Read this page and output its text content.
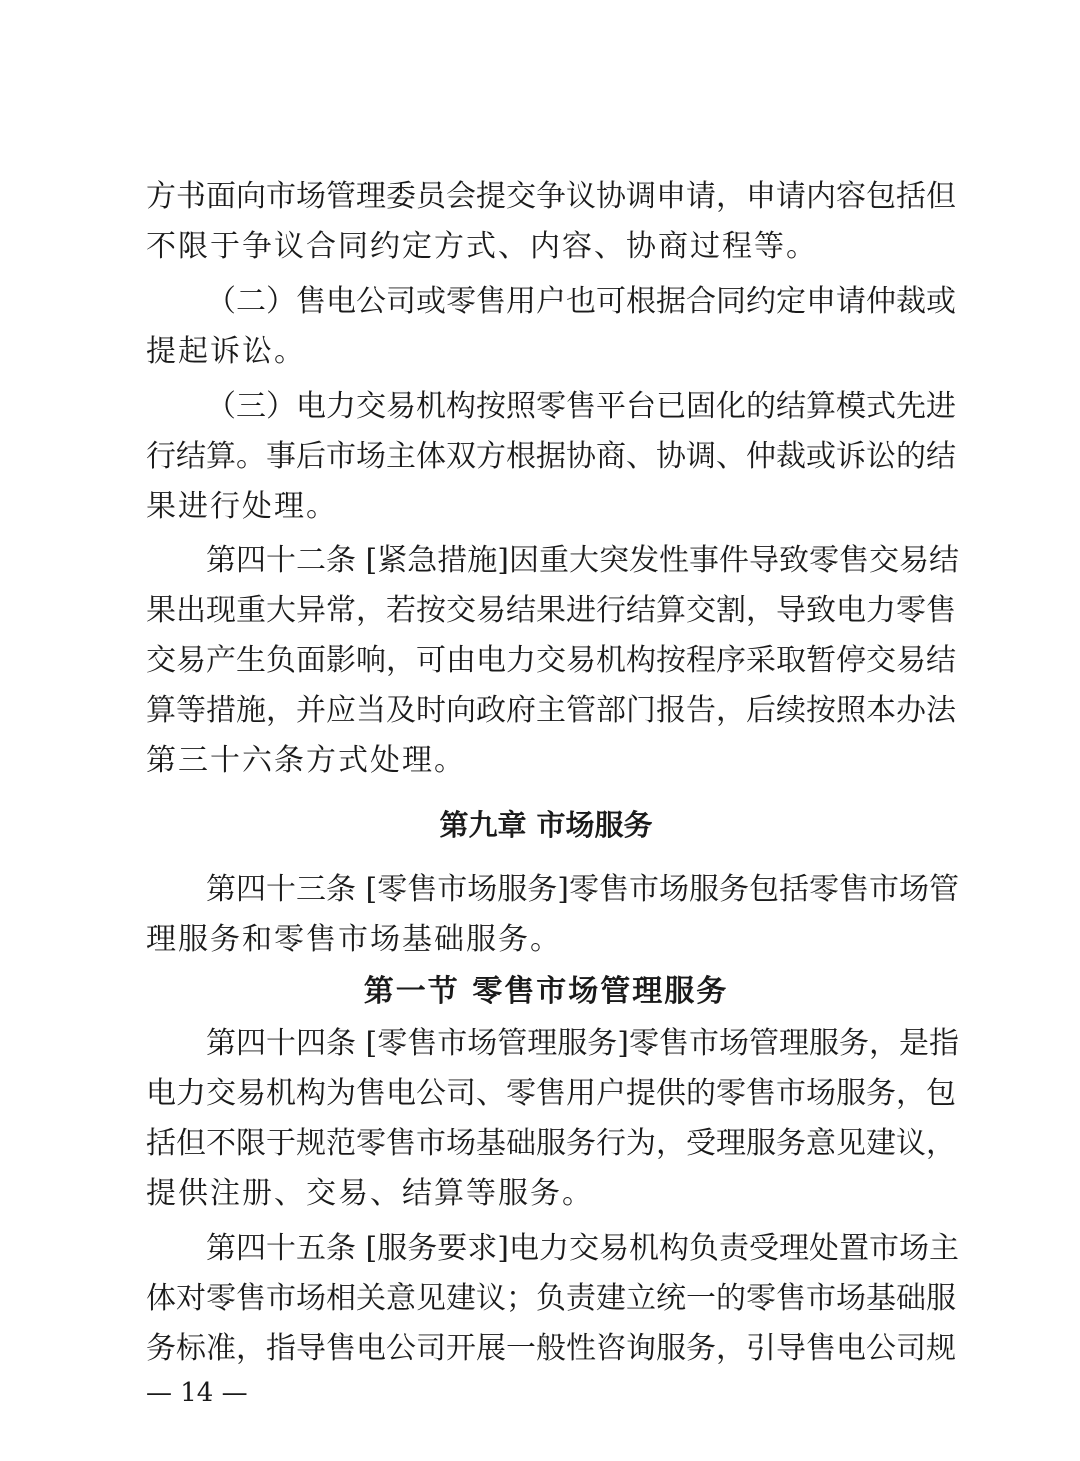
方书面向市场管理委员会提交争议协调申请，申请内容包括但
不限于争议合同约定方式、内容、协商过程等。
（二）售电公司或零售用户也可根据合同约定申请仲裁或
提起诉讼。
（三）电力交易机构按照零售平台已固化的结算模式先进
行结算。事后市场主体双方根据协商、协调、仲裁或诉讼的结
果进行处理。
第四十二条 [紧急措施]因重大突发性事件导致零售交易结
果出现重大异常，若按交易结果进行结算交割，导致电力零售
交易产生负面影响，可由电力交易机构按程序采取暂停交易结
算等措施，并应当及时向政府主管部门报告，后续按照本办法
第三十六条方式处理。
第九章 市场服务
第四十三条 [零售市场服务]零售市场服务包括零售市场管
理服务和零售市场基础服务。
第一节 零售市场管理服务
第四十四条 [零售市场管理服务]零售市场管理服务，是指
电力交易机构为售电公司、零售用户提供的零售市场服务，包
括但不限于规范零售市场基础服务行为，受理服务意见建议，
提供注册、交易、结算等服务。
第四十五条 [服务要求]电力交易机构负责受理处置市场主
体对零售市场相关意见建议；负责建立统一的零售市场基础服
务标准，指导售电公司开展一般性咨询服务，引导售电公司规
— 14 —
